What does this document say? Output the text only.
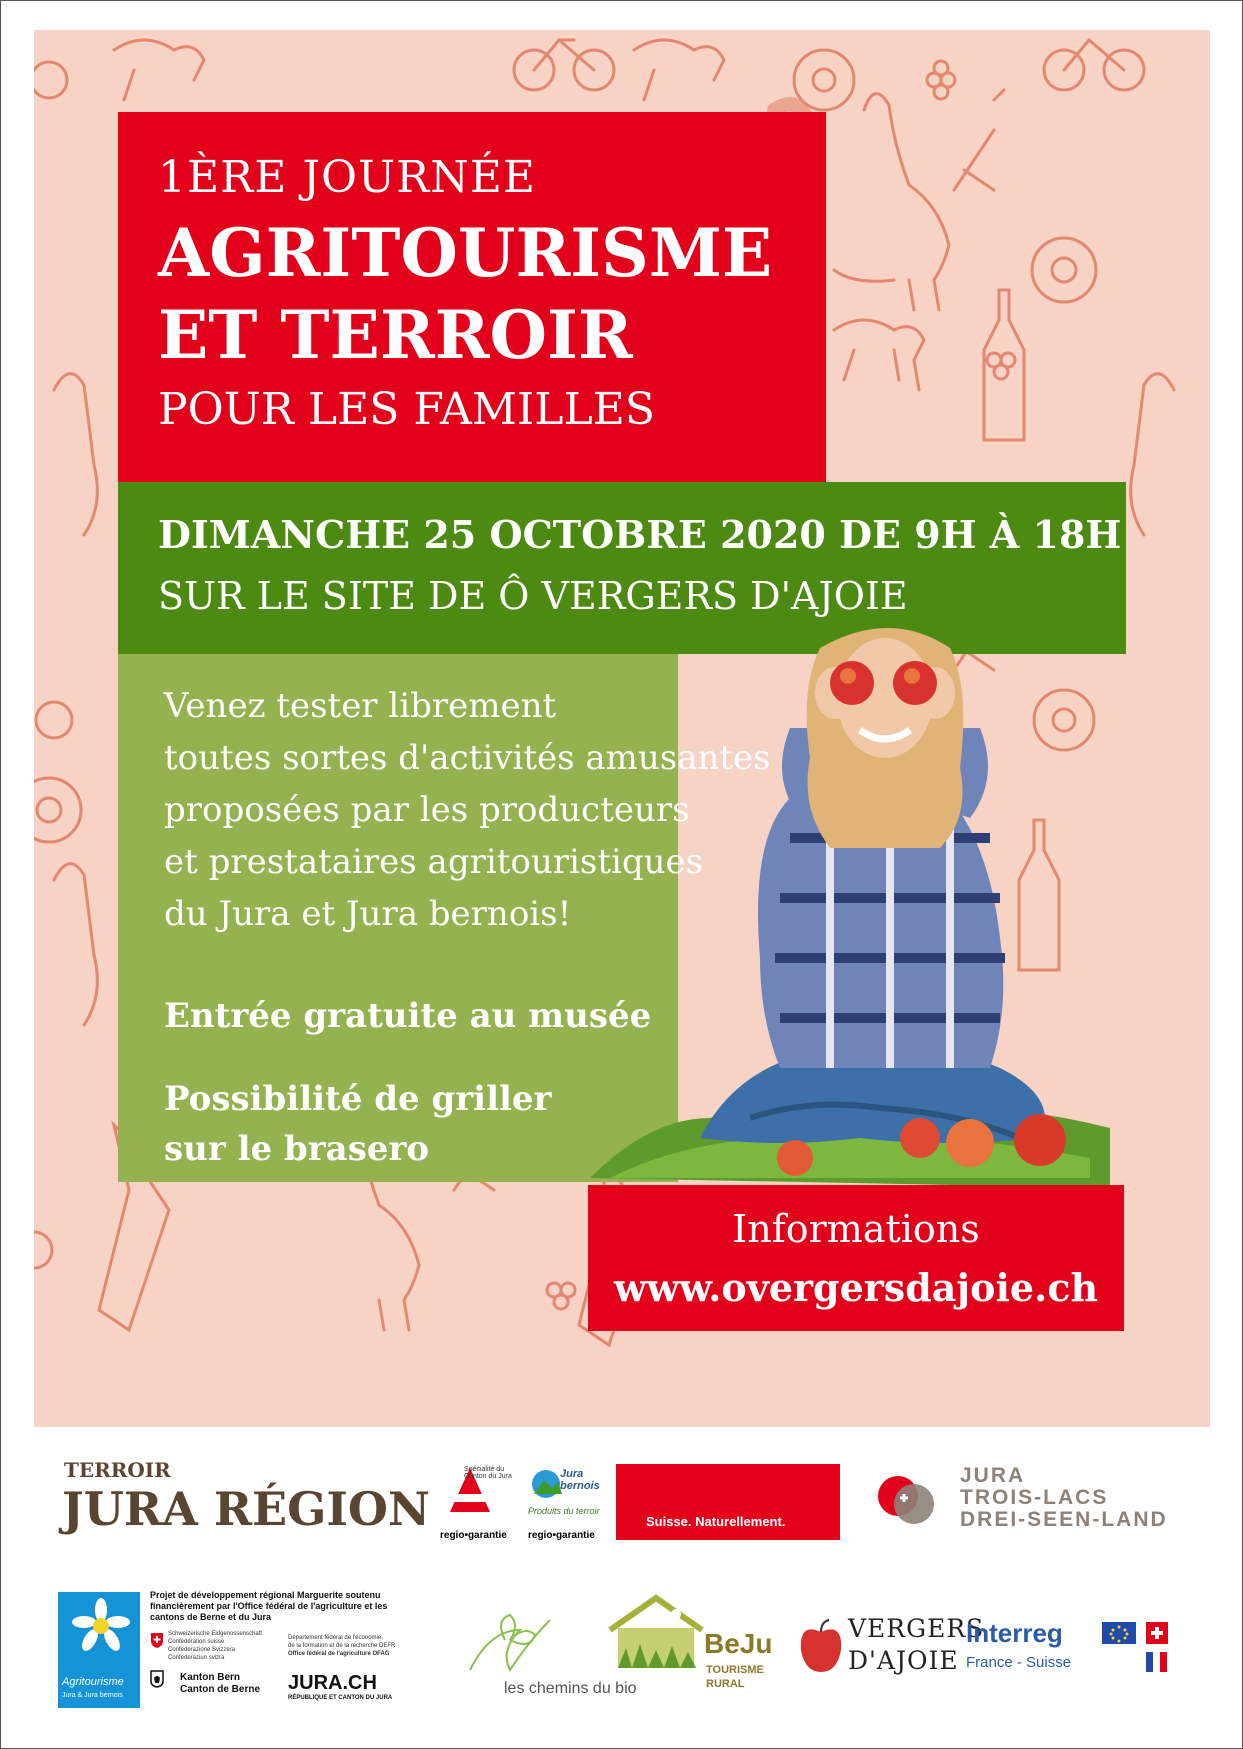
1ÈRE JOURNÉE
AGRITOURISME ET TERROIR
POUR LES FAMILLES
DIMANCHE 25 OCTOBRE 2020 DE 9H À 18H
SUR LE SITE DE Ô VERGERS D'AJOIE
Venez tester librement
toutes sortes d'activités amusantes
proposées par les producteurs
et prestataires agritouristiques
du Jura et Jura bernois!
Entrée gratuite au musée
Possibilité de griller
sur le brasero
Informations
www.overgersdajoie.ch
TERROIR
JURA RÉGION
Spécialité du Canton du Jura
regio•garantie
Jura bernois
Produits du terroir
regio•garantie
Suisse. Naturellement.
JURA
TROIS-LACS
DREI-SEEN-LAND
Agritourisme
Jura & Jura bernois
Projet de développement régional Marguerite soutenu financièrement par l'Office fédéral de l'agriculture et les cantons de Berne et du Jura
Schweizerische Eidgenossenschaft
Confédération suisse
Confederazione Svizzera
Confederaziun svizra
Département fédéral de l'économie,
de la formation et de la recherche DEFR
Office fédéral de l'agriculture OFAG
Kanton Bern
Canton de Berne JURA.CH
RÉPUBLIQUE ET CANTON DU JURA
les chemins du bio
BeJu
TOURISME
RURAL
VERGERS
D'AJOIE
Interreg
France - Suisse
